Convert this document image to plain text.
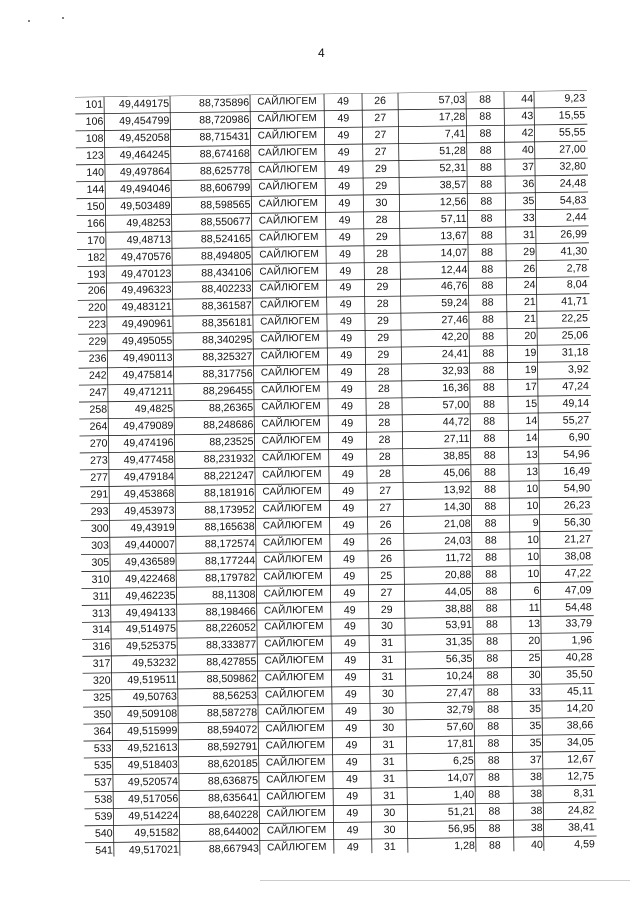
4
101	49,449175	88,735896 САЙЛЮГЕМ	49	26	57,03	88	44	9,23
106	49,454799	88,720986 САЙЛЮГЕМ	49	27	17,28	88	43	15,55
108	49,452058	88,715431 САЙЛЮГЕМ	49	27	7,41	88	42	55,55
123	49,464245	88,674168 САЙЛЮГЕМ	49	27	51,28	88	40	27,00
140	49,497864	88,625778 САЙЛЮГЕМ	49	29	52,31	88	37	32,80
144	49,494046	88,606799 САЙЛЮГЕМ	49	29	38,57	88	36	24,48
150	49,503489	88,598565 САЙЛЮГЕМ	49	30	12,56	88	35	54,83
166	49,48253	88,550677 САЙЛЮГЕМ	49	28	57,11	88	33	2,44
170	49,48713	88,524165 САЙЛЮГЕМ	49	29	13,67	88	31	26,99
182	49,470576	88,494805 САЙЛЮГЕМ	49	28	14,07	88	29	41,30
193	49,470123	88,434106 САЙЛЮГЕМ	49	28	12,44	88	26	2,78
206	49,496323	88,402233 САЙЛЮГЕМ	49	29	46,76	88	24	8,04
220	49,483121	88,361587 САЙЛЮГЕМ	49	28	59,24	88	21	41,71
223	49,490961	88,356181 САЙЛЮГЕМ	49	29	27,46	88	21	22,25
229	49,495055	88,340295 САЙЛЮГЕМ	49	29	42,20	88	20	25,06
236	49,490113	88,325327 САЙЛЮГЕМ	49	29	24,41	88	19	31,18
242	49,475814	88,317756 САЙЛЮГЕМ	49	28	32,93	88	19	3,92
247	49,471211	88,296455 САЙЛЮГЕМ	49	28	16,36	88	17	47,24
258	49,4825	88,26365 САЙЛЮГЕМ	49	28	57,00	88	15	49,14
264	49,479089	88,248686 САЙЛЮГЕМ	49	28	44,72	88	14	55,27
270	49,474196	88,23525 САЙЛЮГЕМ	49	28	27,11	88	14	6,90
273	49,477458	88,231932 САЙЛЮГЕМ	49	28	38,85	88	13	54,96
277	49,479184	88,221247 САЙЛЮГЕМ	49	28	45,06	88	13	16,49
291	49,453868	88,181916 САЙЛЮГЕМ	49	27	13,92	88	10	54,90
293	49,453973	88,173952 САЙЛЮГЕМ	49	27	14,30	88	10	26,23
300	49,43919	88,165638 САЙЛЮГЕМ	49	26	21,08	88	9	56,30
303	49,440007	88,172574 САЙЛЮГЕМ	49	26	24,03	88	10	21,27
305	49,436589	88,177244 САЙЛЮГЕМ	49	26	11,72	88	10	38,08
310	49,422468	88,179782 САЙЛЮГЕМ	49	25	20,88	88	10	47,22
311	49,462235	88,11308 САЙЛЮГЕМ	49	27	44,05	88	6	47,09
313	49,494133	88,198466 САЙЛЮГЕМ	49	29	38,88	88	11	54,48
314	49,514975	88,226052 САЙЛЮГЕМ	49	30	53,91	88	13	33,79
316	49,525375	88,333877 САЙЛЮГЕМ	49	31	31,35	88	20	1,96
317	49,53232	88,427855 САЙЛЮГЕМ	49	31	56,35	88	25	40,28
320	49,519511	88,509862 САЙЛЮГЕМ	49	31	10,24	88	30	35,50
325	49,50763	88,56253 САЙЛЮГЕМ	49	30	27,47	88	33	45,11
350	49,509108	88,587278 САЙЛЮГЕМ	49	30	32,79	88	35	14,20
364	49,515999	88,594072 САЙЛЮГЕМ	49	30	57,60	88	35	38,66
533	49,521613	88,592791 САЙЛЮГЕМ	49	31	17,81	88	35	34,05
535	49,518403	88,620185 САЙЛЮГЕМ	49	31	6,25	88	37	12,67
537	49,520574	88,636875 САЙЛЮГЕМ	49	31	14,07	88	38	12,75
538	49,517056	88,635641 САЙЛЮГЕМ	49	31	1,40	88	38	8,31
539	49,514224	88,640228 САЙЛЮГЕМ	49	30	51,21	88	38	24,82
540	49,51582	88,644002 САЙЛЮГЕМ	49	30	56,95	88	38	38,41
541	49,517021	88,667943 САЙЛЮГЕМ	49	31	1,28	88	40	4,59
